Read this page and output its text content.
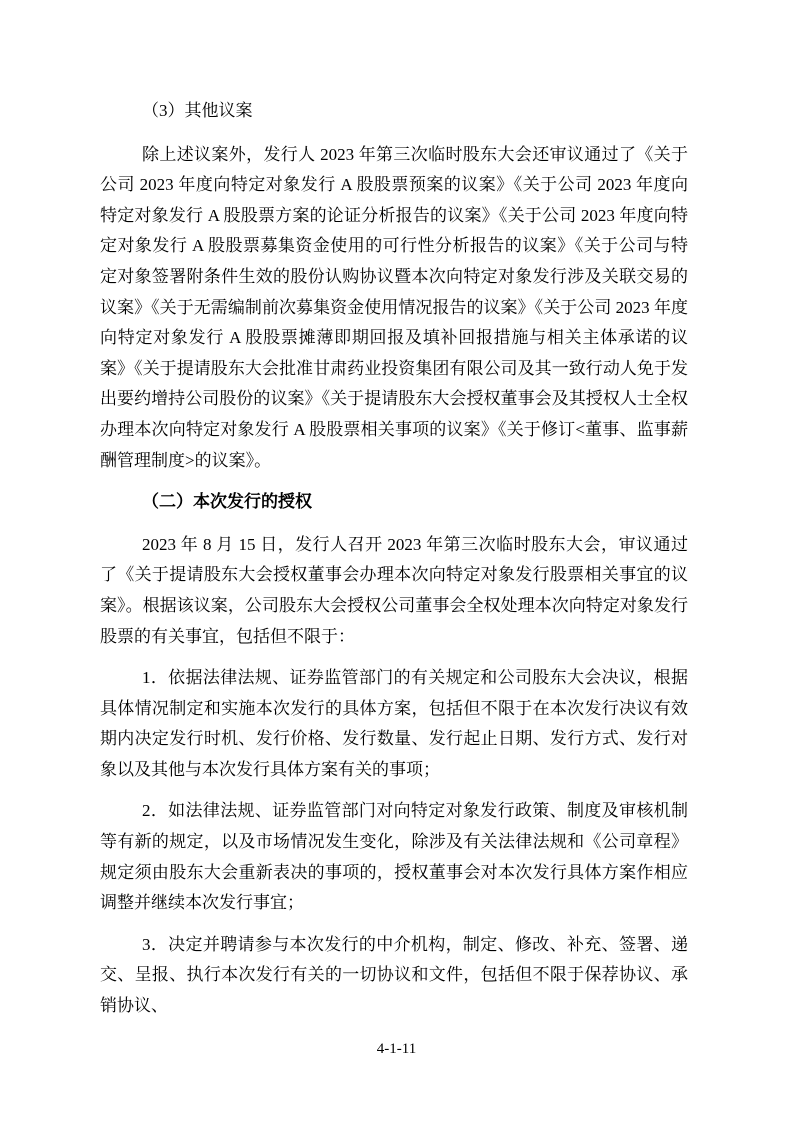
（3）其他议案

除上述议案外，发行人 2023 年第三次临时股东大会还审议通过了《关于公司 2023 年度向特定对象发行 A 股股票预案的议案》《关于公司 2023 年度向特定对象发行 A 股股票方案的论证分析报告的议案》《关于公司 2023 年度向特定对象发行 A 股股票募集资金使用的可行性分析报告的议案》《关于公司与特定对象签署附条件生效的股份认购协议暨本次向特定对象发行涉及关联交易的议案》《关于无需编制前次募集资金使用情况报告的议案》《关于公司 2023 年度向特定对象发行 A 股股票摊薄即期回报及填补回报措施与相关主体承诺的议案》《关于提请股东大会批准甘肃药业投资集团有限公司及其一致行动人免于发出要约增持公司股份的议案》《关于提请股东大会授权董事会及其授权人士全权办理本次向特定对象发行 A 股股票相关事项的议案》《关于修订<董事、监事薪酬管理制度>的议案》。

（二）本次发行的授权

2023 年 8 月 15 日，发行人召开 2023 年第三次临时股东大会，审议通过了《关于提请股东大会授权董事会办理本次向特定对象发行股票相关事宜的议案》。根据该议案，公司股东大会授权公司董事会全权处理本次向特定对象发行股票的有关事宜，包括但不限于：

1．依据法律法规、证券监管部门的有关规定和公司股东大会决议，根据具体情况制定和实施本次发行的具体方案，包括但不限于在本次发行决议有效期内决定发行时机、发行价格、发行数量、发行起止日期、发行方式、发行对象以及其他与本次发行具体方案有关的事项；

2．如法律法规、证券监管部门对向特定对象发行政策、制度及审核机制等有新的规定，以及市场情况发生变化，除涉及有关法律法规和《公司章程》规定须由股东大会重新表决的事项的，授权董事会对本次发行具体方案作相应调整并继续本次发行事宜；

3．决定并聘请参与本次发行的中介机构，制定、修改、补充、签署、递交、呈报、执行本次发行有关的一切协议和文件，包括但不限于保荐协议、承销协议、

4-1-11
